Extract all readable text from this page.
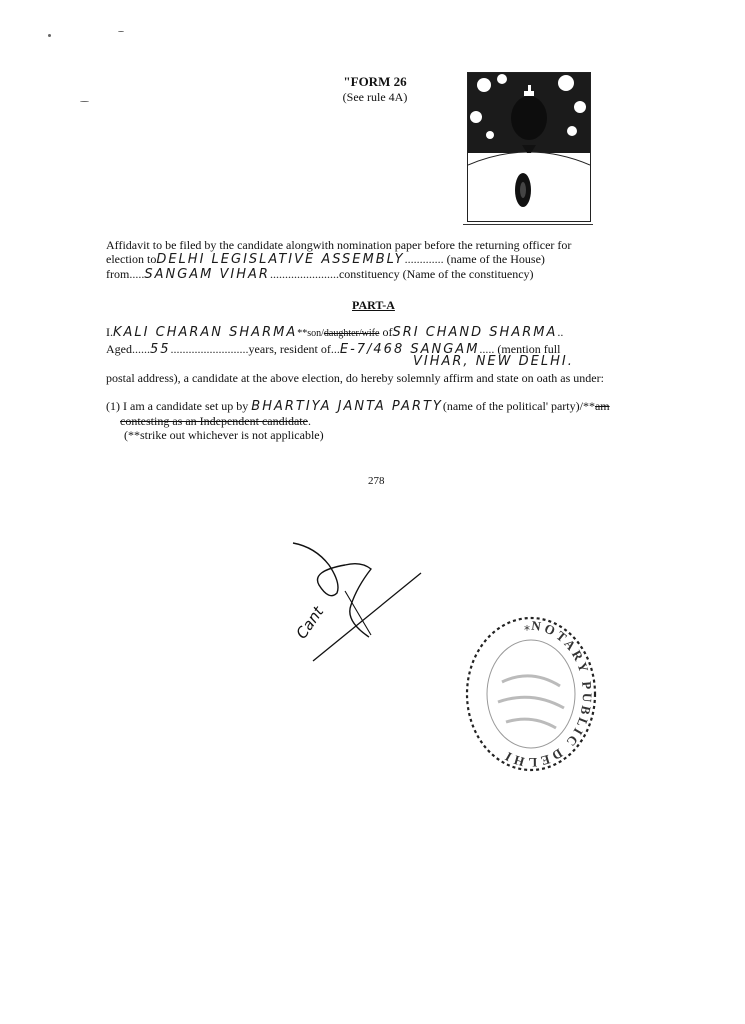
"FORM 26
(See rule 4A)
Affidavit to be filed by the candidate alongwith nomination paper before the returning officer for
election toDELHI LEGISLATIVE ASSEMBLY............. (name of the House)
from.....SANGAM VIHAR.......................constituency (Name of the constituency)
PART-A
I.KALI CHARAN SHARMA**son/daughter/wife ofSRI CHAND SHARMA..
Aged......55..........................years, resident of...E-7/468 SANGAM..... (mention full
VIHAR, NEW DELHI.
postal address), a candidate at the above election, do hereby solemnly affirm and state on oath as under:
(1) I am a candidate set up by BHARTIYA JANTA PARTY(name of the political' party)/**am
contesting as an Independent candidate.
(**strike out whichever is not applicable)
278
Cant	NOTARY PUBLIC DELHI
*
